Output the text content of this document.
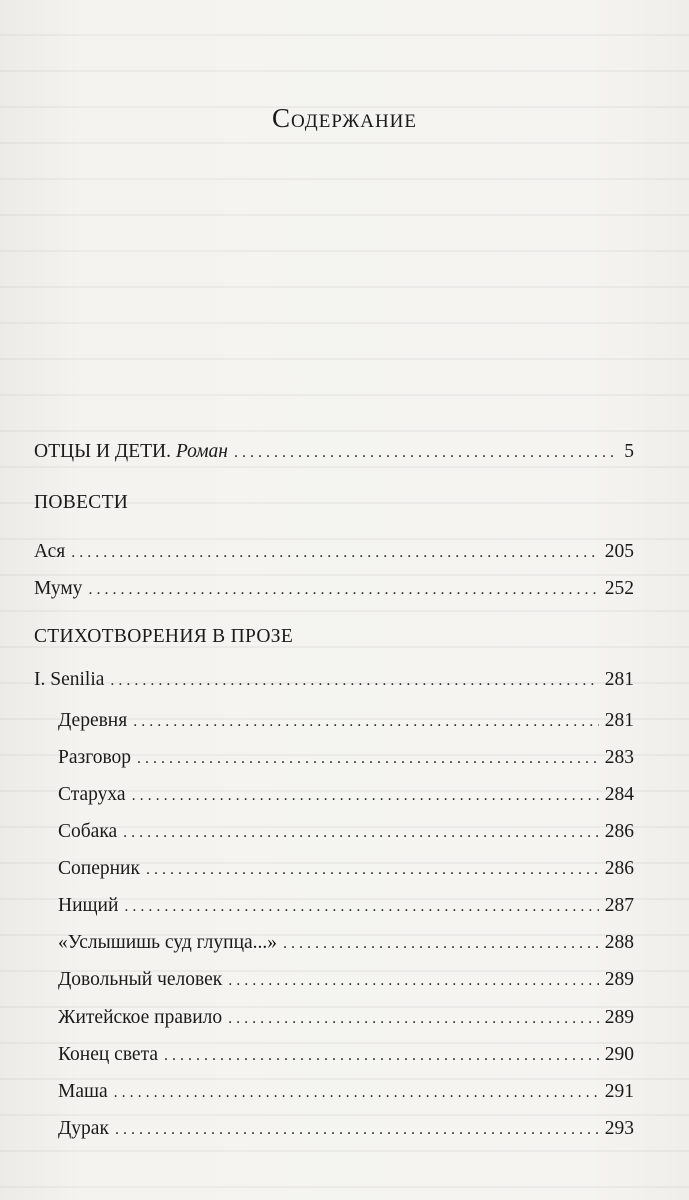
Содержание
ОТЦЫ И ДЕТИ. Роман . . .	5
ПОВЕСТИ
Ася . . .	205
Муму . . .	252
СТИХОТВОРЕНИЯ В ПРОЗЕ
I. Senilia . . .	281
Деревня . . .	281
Разговор . . .	283
Старуха . . .	284
Собака . . .	286
Соперник . . .	286
Нищий . . .	287
«Услышишь суд глупца...» . . .	288
Довольный человек . . .	289
Житейское правило . . .	289
Конец света . . .	290
Маша . . .	291
Дурак . . .	293
